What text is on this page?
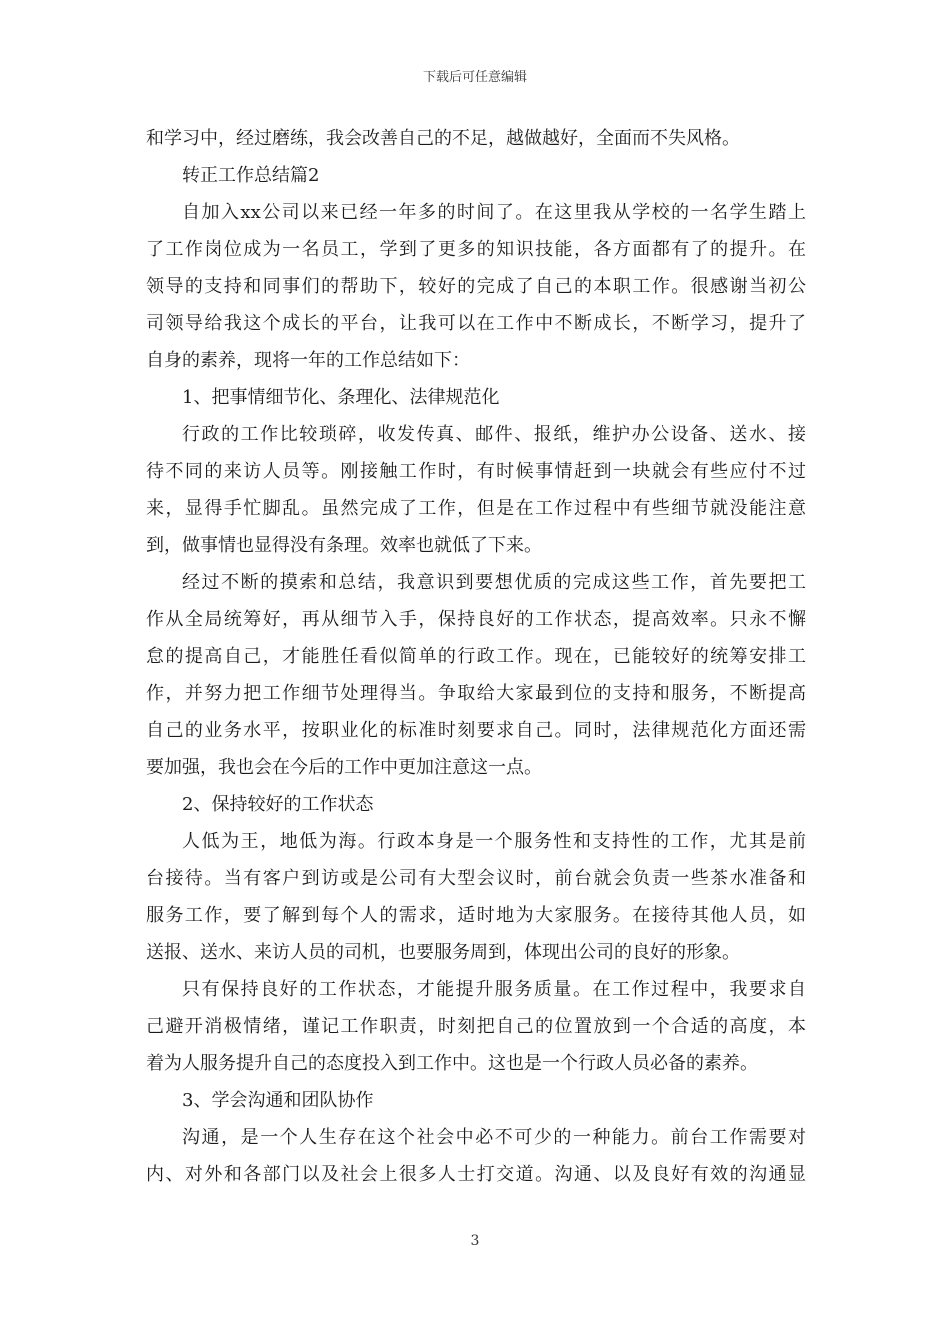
下载后可任意编辑
和学习中，经过磨练，我会改善自己的不足，越做越好，全面而不失风格。
转正工作总结篇2
自加入xx公司以来已经一年多的时间了。在这里我从学校的一名学生踏上
了工作岗位成为一名员工，学到了更多的知识技能，各方面都有了的提升。在
领导的支持和同事们的帮助下，较好的完成了自己的本职工作。很感谢当初公
司领导给我这个成长的平台，让我可以在工作中不断成长，不断学习，提升了
自身的素养，现将一年的工作总结如下：
1、把事情细节化、条理化、法律规范化
行政的工作比较琐碎，收发传真、邮件、报纸，维护办公设备、送水、接
待不同的来访人员等。刚接触工作时，有时候事情赶到一块就会有些应付不过
来，显得手忙脚乱。虽然完成了工作，但是在工作过程中有些细节就没能注意
到，做事情也显得没有条理。效率也就低了下来。
经过不断的摸索和总结，我意识到要想优质的完成这些工作，首先要把工
作从全局统筹好，再从细节入手，保持良好的工作状态，提高效率。只永不懈
怠的提高自己，才能胜任看似简单的行政工作。现在，已能较好的统筹安排工
作，并努力把工作细节处理得当。争取给大家最到位的支持和服务，不断提高
自己的业务水平，按职业化的标准时刻要求自己。同时，法律规范化方面还需
要加强，我也会在今后的工作中更加注意这一点。
2、保持较好的工作状态
人低为王，地低为海。行政本身是一个服务性和支持性的工作，尤其是前
台接待。当有客户到访或是公司有大型会议时，前台就会负责一些茶水准备和
服务工作，要了解到每个人的需求，适时地为大家服务。在接待其他人员，如
送报、送水、来访人员的司机，也要服务周到，体现出公司的良好的形象。
只有保持良好的工作状态，才能提升服务质量。在工作过程中，我要求自
己避开消极情绪，谨记工作职责，时刻把自己的位置放到一个合适的高度，本
着为人服务提升自己的态度投入到工作中。这也是一个行政人员必备的素养。
3、学会沟通和团队协作
沟通，是一个人生存在这个社会中必不可少的一种能力。前台工作需要对
内、对外和各部门以及社会上很多人士打交道。沟通、以及良好有效的沟通显
3
